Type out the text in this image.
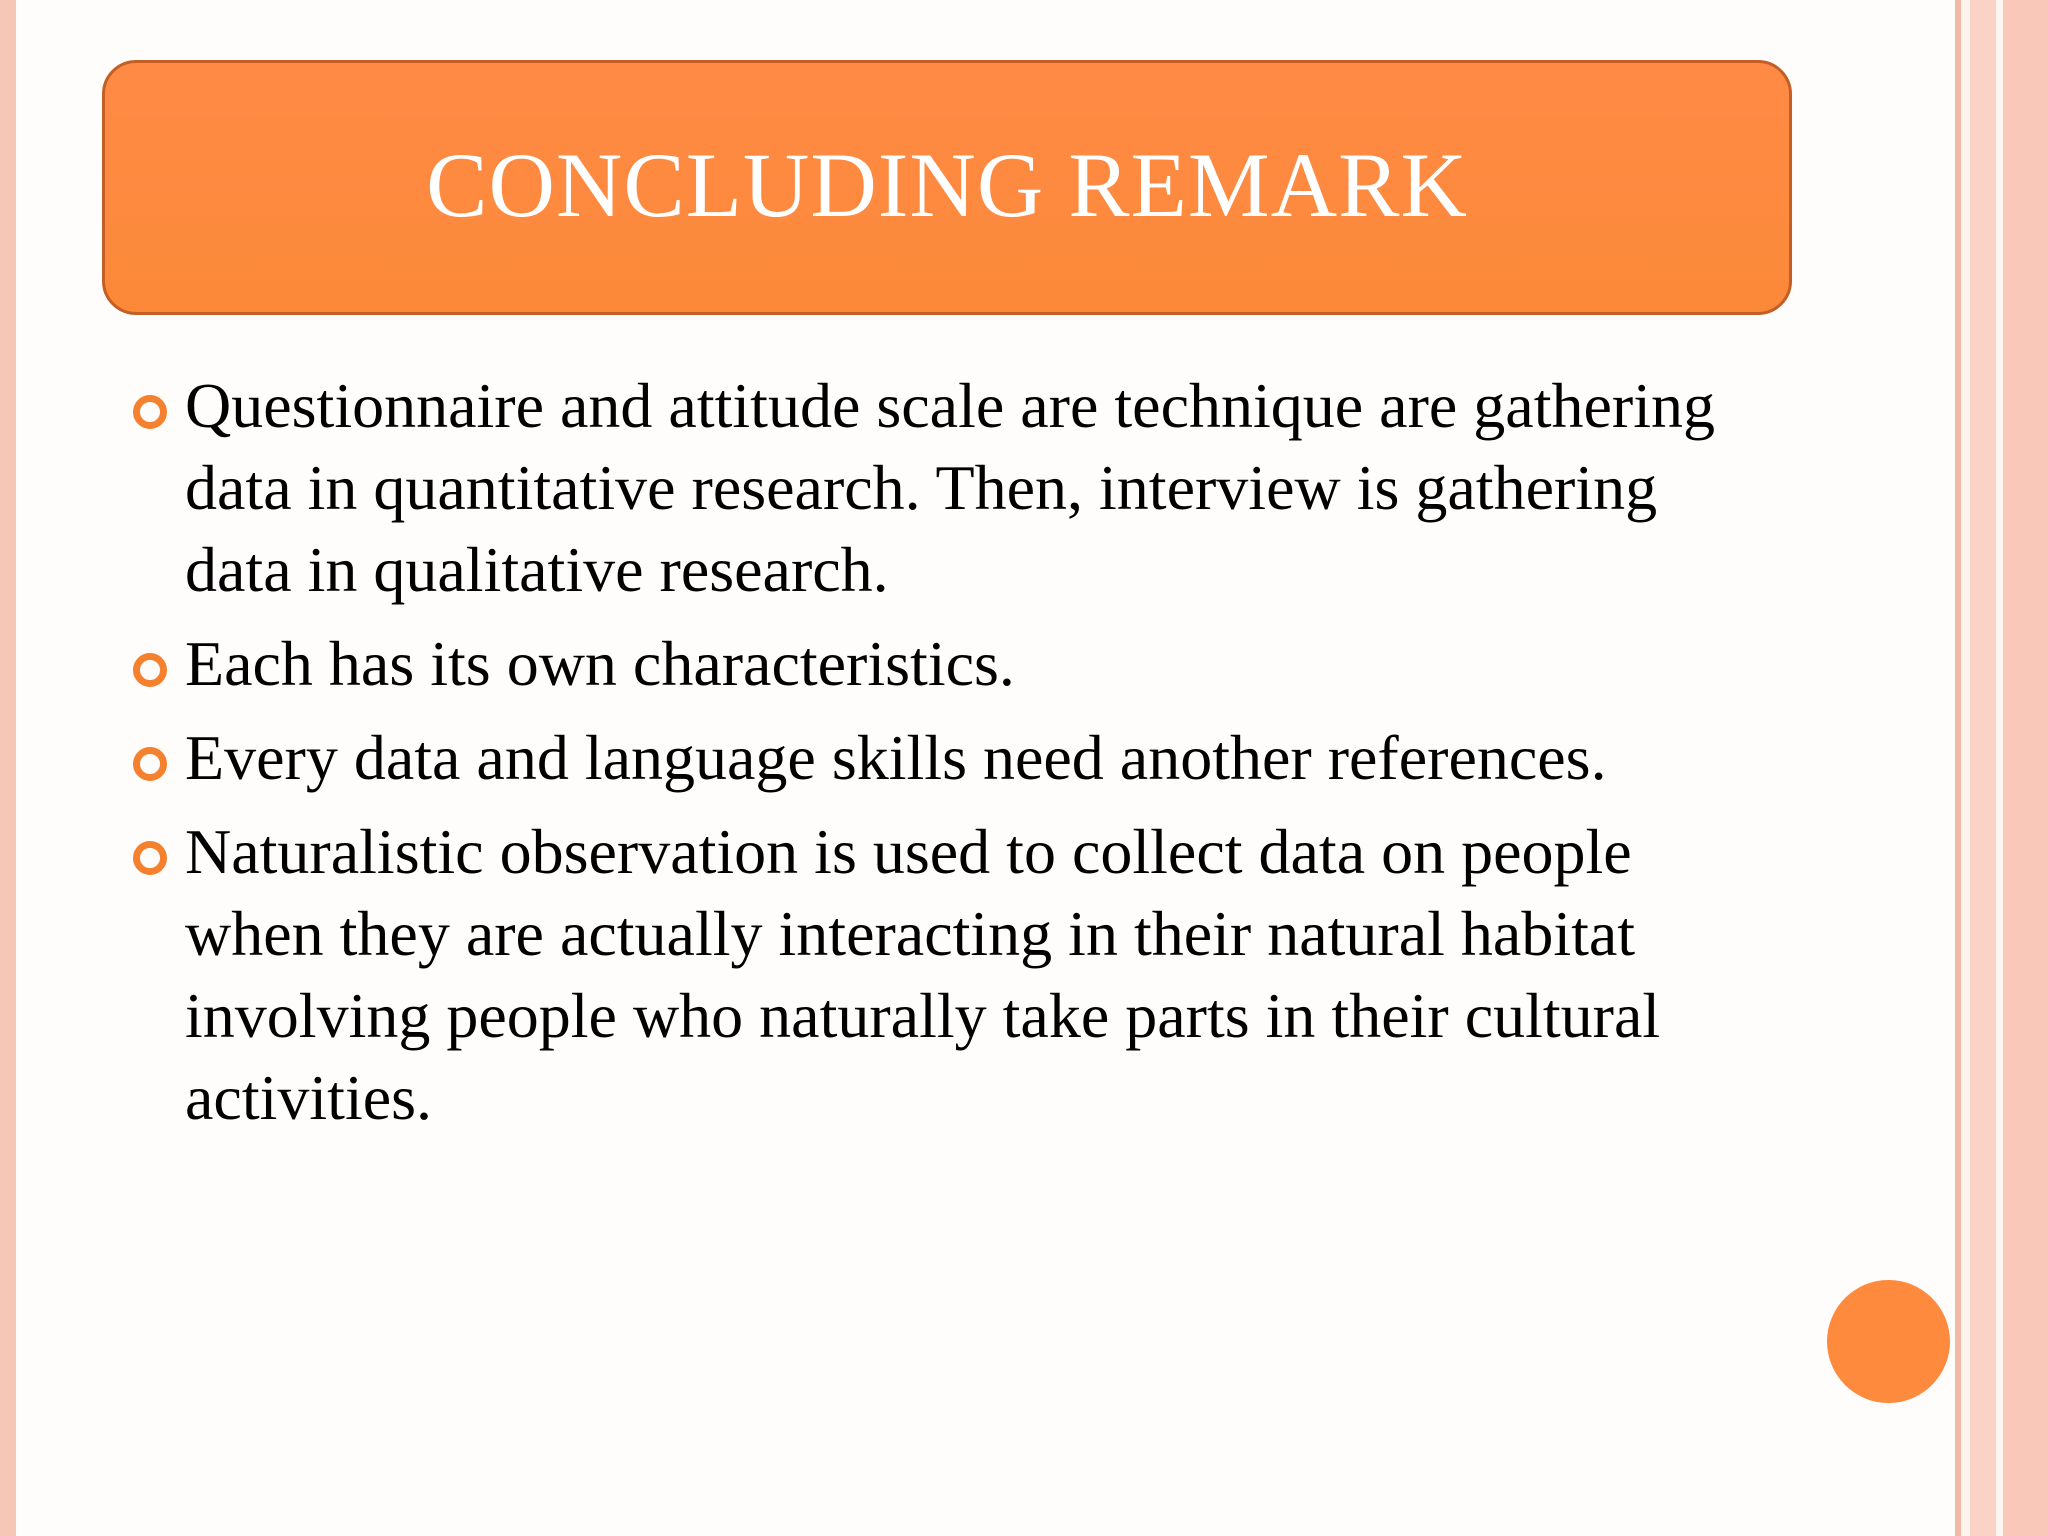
CONCLUDING REMARK
Questionnaire and attitude scale are technique are gathering data in quantitative research. Then, interview is gathering data in qualitative research.
Each has its own characteristics.
Every data and language skills need another references.
Naturalistic observation is used to collect data on people when they are actually interacting in their natural habitat involving people who naturally take parts in their cultural activities.
